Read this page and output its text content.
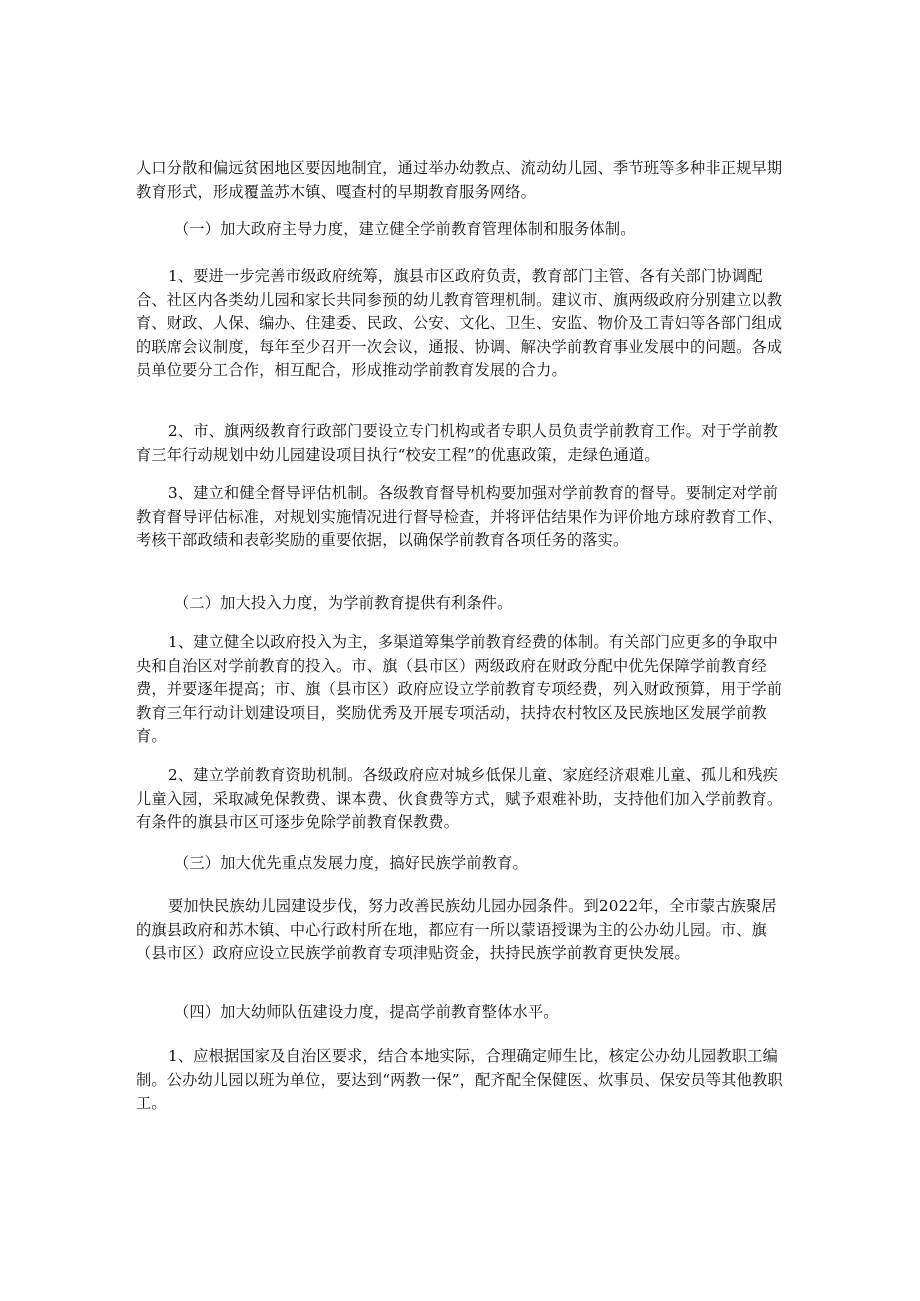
人口分散和偏远贫困地区要因地制宜，通过举办幼教点、流动幼儿园、季节班等多种非正规早期教育形式，形成覆盖苏木镇、嘎查村的早期教育服务网络。

（一）加大政府主导力度，建立健全学前教育管理体制和服务体制。

1、要进一步完善市级政府统筹，旗县市区政府负责，教育部门主管、各有关部门协调配合、社区内各类幼儿园和家长共同参预的幼儿教育管理机制。建议市、旗两级政府分别建立以教育、财政、人保、编办、住建委、民政、公安、文化、卫生、安监、物价及工青妇等各部门组成的联席会议制度，每年至少召开一次会议，通报、协调、解决学前教育事业发展中的问题。各成员单位要分工合作，相互配合，形成推动学前教育发展的合力。

2、市、旗两级教育行政部门要设立专门机构或者专职人员负责学前教育工作。对于学前教育三年行动规划中幼儿园建设项目执行“校安工程”的优惠政策，走绿色通道。

3、建立和健全督导评估机制。各级教育督导机构要加强对学前教育的督导。要制定对学前教育督导评估标准，对规划实施情况进行督导检查，并将评估结果作为评价地方球府教育工作、考核干部政绩和表彰奖励的重要依据，以确保学前教育各项任务的落实。

（二）加大投入力度，为学前教育提供有利条件。

1、建立健全以政府投入为主，多渠道筹集学前教育经费的体制。有关部门应更多的争取中央和自治区对学前教育的投入。市、旗（县市区）两级政府在财政分配中优先保障学前教育经费，并要逐年提高；市、旗（县市区）政府应设立学前教育专项经费，列入财政预算，用于学前教育三年行动计划建设项目，奖励优秀及开展专项活动，扶持农村牧区及民族地区发展学前教育。

2、建立学前教育资助机制。各级政府应对城乡低保儿童、家庭经济艰难儿童、孤儿和残疾儿童入园，采取减免保教费、课本费、伙食费等方式，赋予艰难补助，支持他们加入学前教育。有条件的旗县市区可逐步免除学前教育保教费。

（三）加大优先重点发展力度，搞好民族学前教育。

要加快民族幼儿园建设步伐，努力改善民族幼儿园办园条件。到2022年，全市蒙古族聚居的旗县政府和苏木镇、中心行政村所在地，都应有一所以蒙语授课为主的公办幼儿园。市、旗（县市区）政府应设立民族学前教育专项津贴资金，扶持民族学前教育更快发展。

（四）加大幼师队伍建设力度，提高学前教育整体水平。

1、应根据国家及自治区要求，结合本地实际，合理确定师生比，核定公办幼儿园教职工编制。公办幼儿园以班为单位，要达到“两教一保”，配齐配全保健医、炊事员、保安员等其他教职工。
